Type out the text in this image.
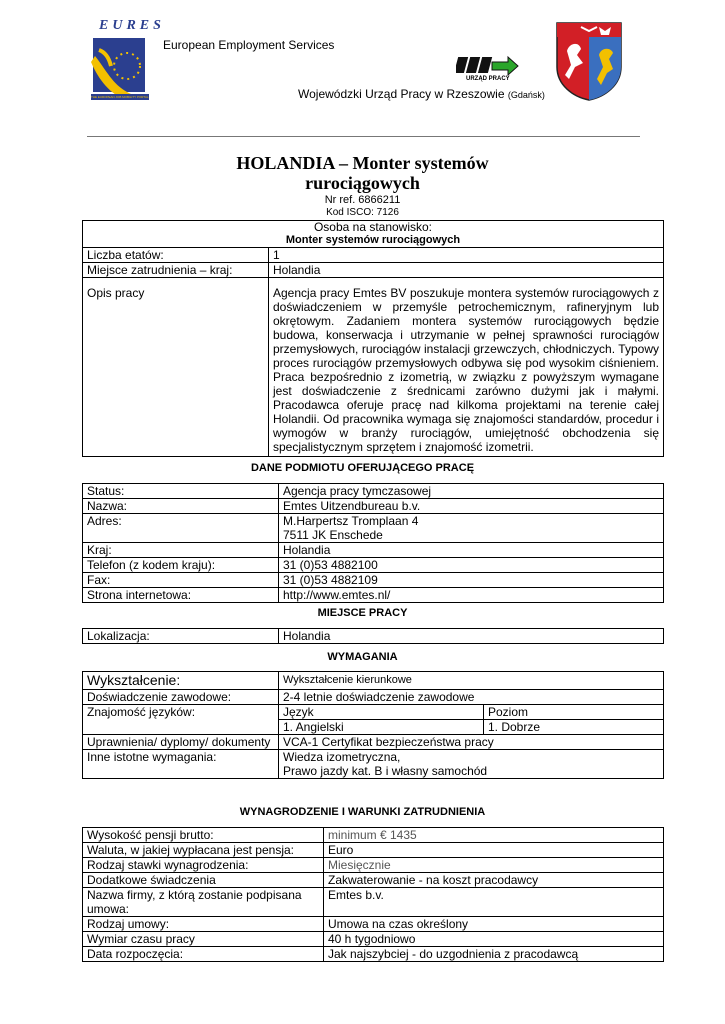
EURES
THE EUROPEAN JOB MOBILITY PORTAL
European Employment Services
URZĄD PRACY
Wojewódzki Urząd Pracy w Rzeszowie (Gdańsk)
HOLANDIA – Monter systemów
rurociągowych
Nr ref. 6866211
Kod ISCO: 7126
Osoba na stanowisko:
Monter systemów rurociągowych	

Liczba etatów:	1
Miejsce zatrudnienia – kraj:	Holandia
Opis pracy	Agencja pracy Emtes BV poszukuje montera systemów rurociągowych z doświadczeniem w przemyśle petrochemicznym, rafineryjnym lub okrętowym. Zadaniem montera systemów rurociągowych będzie budowa, konserwacja i utrzymanie w pełnej sprawności rurociągów przemysłowych, rurociągów instalacji grzewczych, chłodniczych. Typowy proces rurociągów przemysłowych odbywa się pod wysokim ciśnieniem. Praca bezpośrednio z izometrią, w związku z powyższym wymagane jest doświadczenie z średnicami zarówno dużymi jak i małymi. Pracodawca oferuje pracę nad kilkoma projektami na terenie całej Holandii. Od pracownika wymaga się znajomości standardów, procedur i wymogów w branży rurociągów, umiejętność obchodzenia się specjalistycznym sprzętem i znajomość izometrii.
DANE PODMIOTU OFERUJĄCEGO PRACĘ
Status:	Agencja pracy tymczasowej
Nazwa:	Emtes Uitzendbureau b.v.
Adres:	M.Harpertsz Tromplaan 4
7511 JK Enschede

Kraj:	Holandia
Telefon (z kodem kraju):	31 (0)53 4882100
Fax:	31 (0)53 4882109
Strona internetowa:	http://www.emtes.nl/
MIEJSCE PRACY
Lokalizacja:	Holandia
WYMAGANIA
Wykształcenie:	Wykształcenie kierunkowe	
Doświadczenie zawodowe:	2-4 letnie doświadczenie zawodowe	
Znajomość języków:	Język	Poziom
	1. Angielski	1. Dobrze
Uprawnienia/ dyplomy/ dokumenty	VCA-1 Certyfikat bezpieczeństwa pracy	
Inne istotne wymagania:	Wiedza izometryczna,
Prawo jazdy kat. B i własny samochód	
WYNAGRODZENIE I WARUNKI ZATRUDNIENIA
Wysokość pensji brutto:	minimum € 1435
Waluta, w jakiej wypłacana jest pensja:	Euro
Rodzaj stawki wynagrodzenia:	Miesięcznie
Dodatkowe świadczenia	Zakwaterowanie - na koszt pracodawcy
Nazwa firmy, z którą zostanie podpisana umowa:	Emtes b.v.
Rodzaj umowy:	Umowa na czas określony
Wymiar czasu pracy	40 h tygodniowo
Data rozpoczęcia:	Jak najszybciej - do uzgodnienia z pracodawcą
